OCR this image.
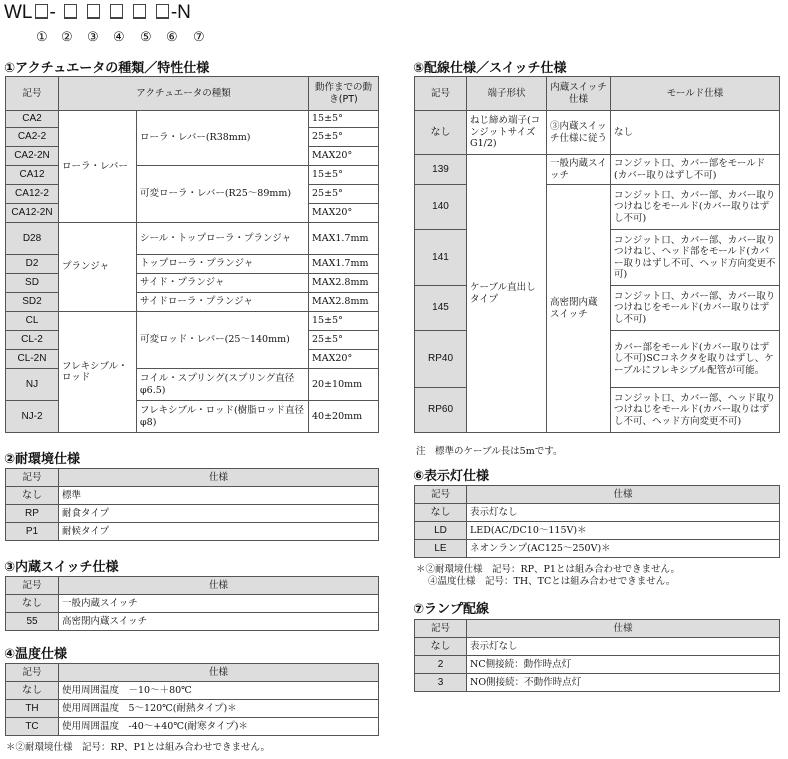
WL -	-N
① ② ③ ④ ⑤ ⑥ ⑦
①アクチュエータの種類／特性仕様
記号	アクチュエータの種類		動作までの動き(PT)
CA2	ローラ・レバー	ローラ・レバー(R38mm)	15±5°
CA2-2			25±5°
CA2-2N			MAX20°
CA12		可変ローラ・レバー(R25～89mm)	15±5°
CA12-2			25±5°
CA12-2N			MAX20°
D28	プランジャ	シール・トップローラ・プランジャ	MAX1.7mm
D2		トップローラ・プランジャ	MAX1.7mm
SD		サイド・プランジャ	MAX2.8mm
SD2		サイドローラ・プランジャ	MAX2.8mm
CL	フレキシブル・ロッド	可変ロッド・レバー(25～140mm)	15±5°
CL-2			25±5°
CL-2N			MAX20°
NJ		コイル・スプリング(スプリング直径φ6.5)	20±10mm
NJ-2		フレキシブル・ロッド(樹脂ロッド直径φ8)	40±20mm
②耐環境仕様
記号	仕様
なし	標準
RP	耐食タイプ
P1	耐候タイプ
③内蔵スイッチ仕様
記号	仕様
なし	一般内蔵スイッチ
55	高密閉内蔵スイッチ
④温度仕様
記号	仕様
なし	使用周囲温度　－10～＋80℃
TH	使用周囲温度　5～120℃(耐熱タイプ)＊
TC	使用周囲温度　-40～+40℃(耐寒タイプ)＊
＊②耐環境仕様　記号：RP、P1とは組み合わせできません。
⑤配線仕様／スイッチ仕様
記号	端子形状	内蔵スイッチ仕様	モールド仕様
なし	ねじ締め端子(コンジットサイズ G1/2)	③内蔵スイッチ仕様に従う	なし
139	ケーブル直出しタイプ	一般内蔵スイッチ	コンジット口、カバー部をモールド(カバー取りはずし不可)
140		高密閉内蔵スイッチ	コンジット口、カバー部、カバー取りつけねじをモールド(カバー取りはずし不可)
141			コンジット口、カバー部、カバー取りつけねじ、ヘッド部をモールド(カバー取りはずし不可、ヘッド方向変更不可)
145			コンジット口、カバー部、カバー取りつけねじをモールド(カバー取りはずし不可)
RP40			カバー部をモールド(カバー取りはずし不可)SCコネクタを取りはずし、ケーブルにフレキシブル配管が可能。
RP60			コンジット口、カバー部、ヘッド取りつけねじをモールド(カバー取りはずし不可、ヘッド方向変更不可)
注　標準のケーブル長は5mです。
⑥表示灯仕様
記号	仕様
なし	表示灯なし
LD	LED(AC/DC10～115V)＊
LE	ネオンランプ(AC125～250V)＊
＊②耐環境仕様　記号：RP、P1とは組み合わせできません。
④温度仕様　記号：TH、TCとは組み合わせできません。
⑦ランプ配線
記号	仕様
なし	表示灯なし
2	NC側接続：動作時点灯
3	NO側接続：不動作時点灯
